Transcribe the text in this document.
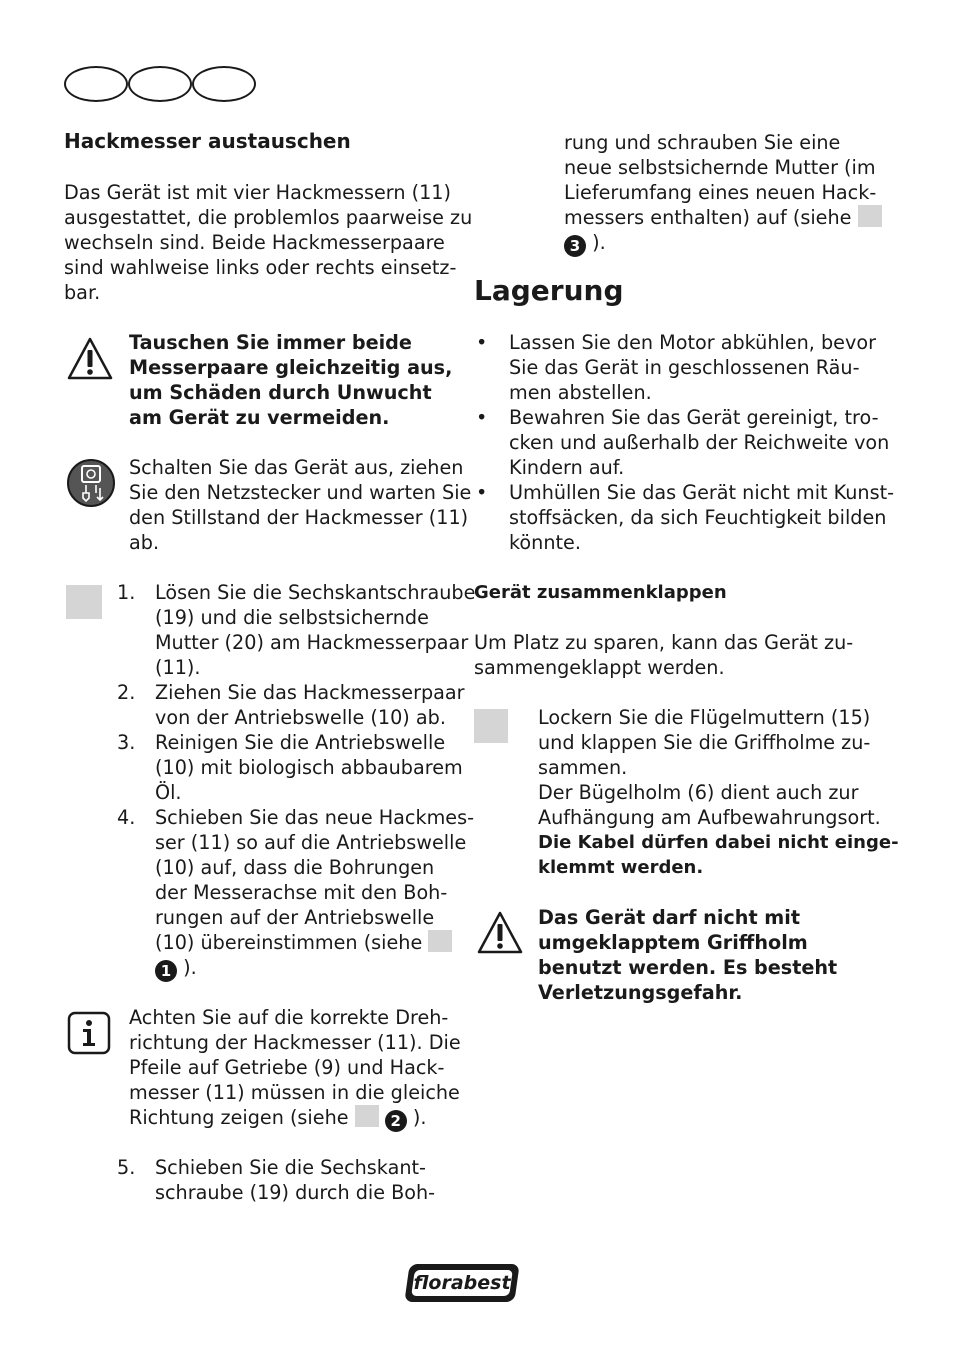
Hackmesser austauschen
Das Gerät ist mit vier Hackmessern (11)
ausgestattet, die problemlos paarweise zu
wechseln sind. Beide Hackmesserpaare
sind wahlweise links oder rechts einsetz-
bar.
Tauschen Sie immer beide
Messerpaare gleichzeitig aus,
um Schäden durch Unwucht
am Gerät zu vermeiden.
Schalten Sie das Gerät aus, ziehen
Sie den Netzstecker und warten Sie
den Stillstand der Hackmesser (11)
ab.
1.	Lösen Sie die Sechskantschraube
(19) und die selbstsichernde
Mutter (20) am Hackmesserpaar
(11).
2.	Ziehen Sie das Hackmesserpaar
von der Antriebswelle (10) ab.
3.	Reinigen Sie die Antriebswelle
(10) mit biologisch abbaubarem
Öl.
4.	Schieben Sie das neue Hackmes-
ser (11) so auf die Antriebswelle
(10) auf, dass die Bohrungen
der Messerachse mit den Boh-
rungen auf der Antriebswelle
(10) übereinstimmen (siehe
1 ).
Achten Sie auf die korrekte Dreh-
richtung der Hackmesser (11). Die
Pfeile auf Getriebe (9) und Hack-
messer (11) müssen in die gleiche
Richtung zeigen (siehe	2 ).
5.	Schieben Sie die Sechskant-
schraube (19) durch die Boh-
rung und schrauben Sie eine
neue selbstsichernde Mutter (im
Lieferumfang eines neuen Hack-
messers enthalten) auf (siehe
3 ).
Lagerung
•	Lassen Sie den Motor abkühlen, bevor
Sie das Gerät in geschlossenen Räu-
men abstellen.
•	Bewahren Sie das Gerät gereinigt, tro-
cken und außerhalb der Reichweite von
Kindern auf.
•	Umhüllen Sie das Gerät nicht mit Kunst-
stoffsäcken, da sich Feuchtigkeit bilden
könnte.
Gerät zusammenklappen
Um Platz zu sparen, kann das Gerät zu-
sammengeklappt werden.
Lockern Sie die Flügelmuttern (15)
und klappen Sie die Griffholme zu-
sammen.
Der Bügelholm (6) dient auch zur
Aufhängung am Aufbewahrungsort.
Die Kabel dürfen dabei nicht einge-
klemmt werden.
Das Gerät darf nicht mit
umgeklapptem Griffholm
benutzt werden. Es besteht
Verletzungsgefahr.
florabest
